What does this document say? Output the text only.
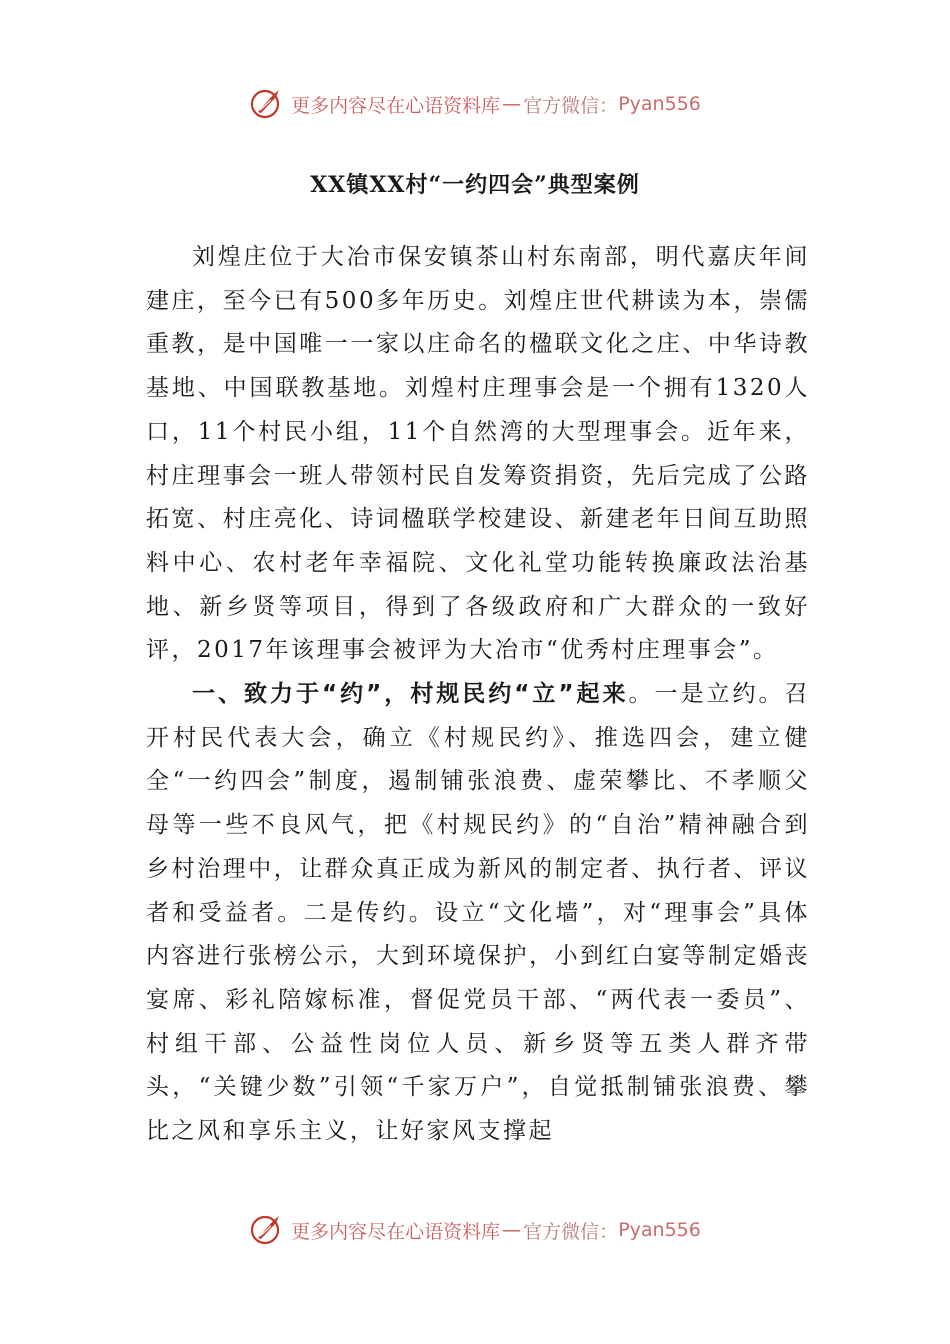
更多内容尽在心语资料库 — 官方微信： Pyan556
XX镇XX村“一约四会”典型案例

刘煌庄位于大冶市保安镇茶山村东南部，明代嘉庆年间建庄，至今已有500多年历史。刘煌庄世代耕读为本，崇儒重教，是中国唯一一家以庄命名的楹联文化之庄、中华诗教基地、中国联教基地。刘煌村庄理事会是一个拥有1320人口，11个村民小组，11个自然湾的大型理事会。近年来，村庄理事会一班人带领村民自发筹资捐资，先后完成了公路拓宽、村庄亮化、诗词楹联学校建设、新建老年日间互助照料中心、农村老年幸福院、文化礼堂功能转换廉政法治基地、新乡贤等项目，得到了各级政府和广大群众的一致好评，2017年该理事会被评为大冶市“优秀村庄理事会”。

一、致力于“约”，村规民约“立”起来。一是立约。召开村民代表大会，确立《村规民约》、推选四会，建立健全“一约四会”制度，遏制铺张浪费、虚荣攀比、不孝顺父母等一些不良风气，把《村规民约》的“自治”精神融合到乡村治理中，让群众真正成为新风的制定者、执行者、评议者和受益者。二是传约。设立“文化墙”，对“理事会”具体内容进行张榜公示，大到环境保护，小到红白宴等制定婚丧宴席、彩礼陪嫁标准，督促党员干部、“两代表一委员”、村组干部、公益性岗位人员、新乡贤等五类人群齐带头，“关键少数”引领“千家万户”，自觉抵制铺张浪费、攀比之风和享乐主义，让好家风支撑起

更多内容尽在心语资料库 — 官方微信： Pyan556
